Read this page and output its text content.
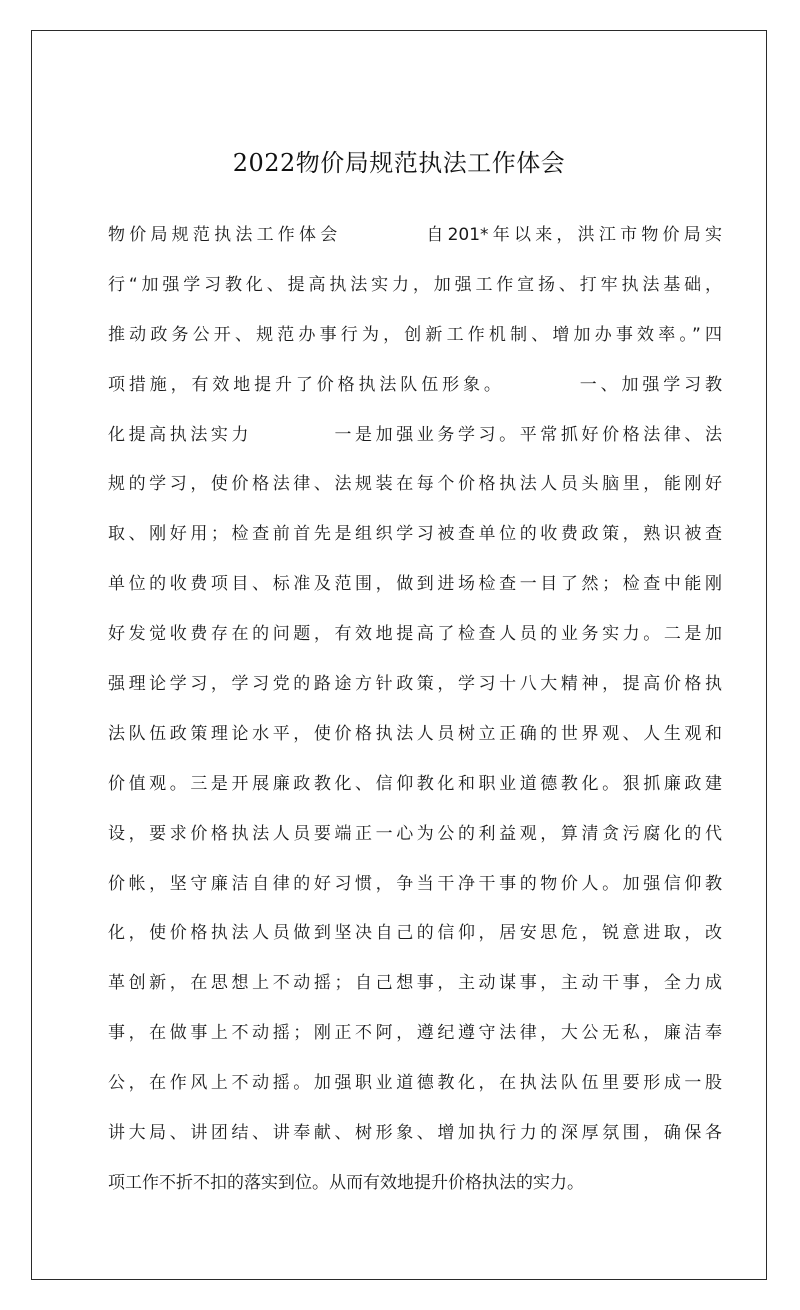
2022物价局规范执法工作体会
物价局规范执法工作体会　　　　自201*年以来，洪江市物价局实
行“加强学习教化、提高执法实力，加强工作宣扬、打牢执法基础，
推动政务公开、规范办事行为，创新工作机制、增加办事效率。”四
项措施，有效地提升了价格执法队伍形象。　　　　一、加强学习教
化提高执法实力　　　　一是加强业务学习。平常抓好价格法律、法
规的学习，使价格法律、法规装在每个价格执法人员头脑里，能刚好
取、刚好用；检查前首先是组织学习被查单位的收费政策，熟识被查
单位的收费项目、标准及范围，做到进场检查一目了然；检查中能刚
好发觉收费存在的问题，有效地提高了检查人员的业务实力。二是加
强理论学习，学习党的路途方针政策，学习十八大精神，提高价格执
法队伍政策理论水平，使价格执法人员树立正确的世界观、人生观和
价值观。三是开展廉政教化、信仰教化和职业道德教化。狠抓廉政建
设，要求价格执法人员要端正一心为公的利益观，算清贪污腐化的代
价帐，坚守廉洁自律的好习惯，争当干净干事的物价人。加强信仰教
化，使价格执法人员做到坚决自己的信仰，居安思危，锐意进取，改
革创新，在思想上不动摇；自己想事，主动谋事，主动干事，全力成
事，在做事上不动摇；刚正不阿，遵纪遵守法律，大公无私，廉洁奉
公，在作风上不动摇。加强职业道德教化，在执法队伍里要形成一股
讲大局、讲团结、讲奉献、树形象、增加执行力的深厚氛围，确保各
项工作不折不扣的落实到位。从而有效地提升价格执法的实力。
